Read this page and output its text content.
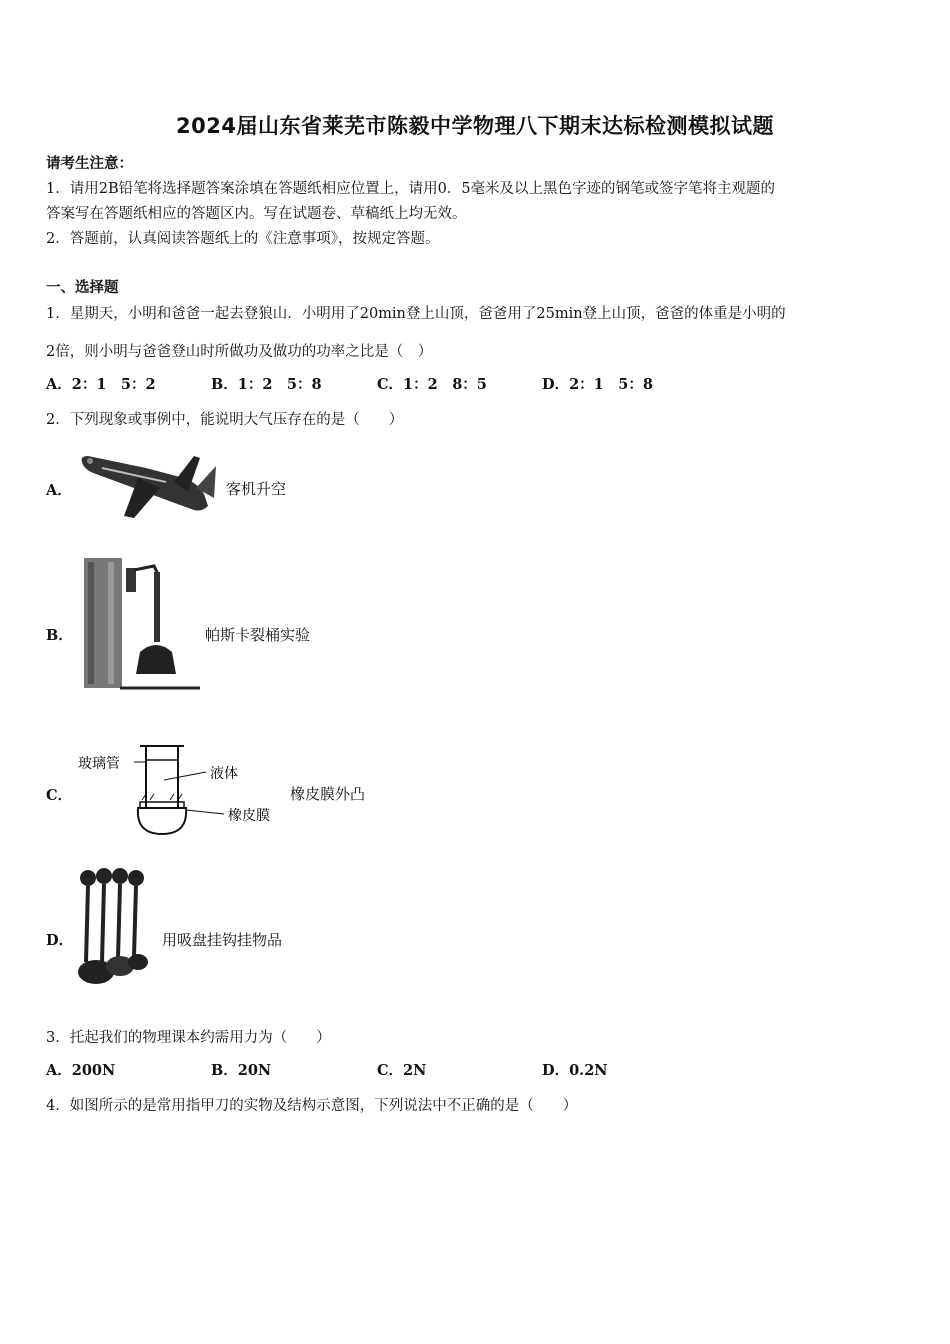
2024届山东省莱芜市陈毅中学物理八下期末达标检测模拟试题
请考生注意：
1．请用2B铅笔将选择题答案涂填在答题纸相应位置上，请用0．5毫米及以上黑色字迹的钢笔或签字笔将主观题的
答案写在答题纸相应的答题区内。写在试题卷、草稿纸上均无效。
2．答题前，认真阅读答题纸上的《注意事项》，按规定答题。
一、选择题
1．星期天，小明和爸爸一起去登狼山．小明用了20min登上山顶，爸爸用了25min登上山顶，爸爸的体重是小明的
2倍，则小明与爸爸登山时所做功及做功的功率之比是（　）
A．2：1　5：2	B．1：2　5：8	C．1：2　8：5	D．2：1　5：8
2．下列现象或事例中，能说明大气压存在的是（　　）
A．	客机升空
B．	帕斯卡裂桶实验
C．
玻璃管
液体
橡皮膜
橡皮膜外凸
D．	用吸盘挂钩挂物品
3．托起我们的物理课本约需用力为（　　）
A．200N	B．20N	C．2N	D．0.2N
4．如图所示的是常用指甲刀的实物及结构示意图，下列说法中不正确的是（　　）
